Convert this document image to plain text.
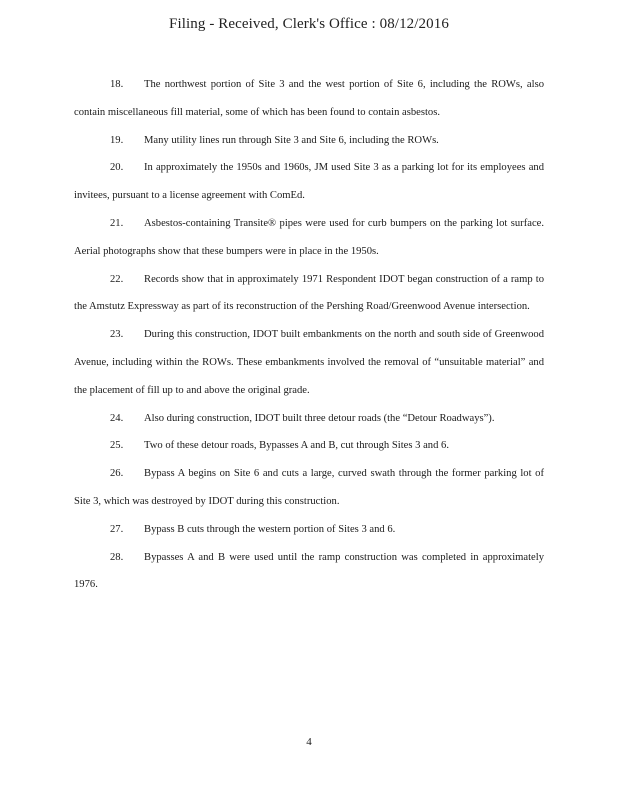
Filing - Received, Clerk's Office : 08/12/2016

18. The northwest portion of Site 3 and the west portion of Site 6, including the ROWs, also contain miscellaneous fill material, some of which has been found to contain asbestos.

19. Many utility lines run through Site 3 and Site 6, including the ROWs.

20. In approximately the 1950s and 1960s, JM used Site 3 as a parking lot for its employees and invitees, pursuant to a license agreement with ComEd.

21. Asbestos-containing Transite® pipes were used for curb bumpers on the parking lot surface. Aerial photographs show that these bumpers were in place in the 1950s.

22. Records show that in approximately 1971 Respondent IDOT began construction of a ramp to the Amstutz Expressway as part of its reconstruction of the Pershing Road/Greenwood Avenue intersection.

23. During this construction, IDOT built embankments on the north and south side of Greenwood Avenue, including within the ROWs. These embankments involved the removal of “unsuitable material” and the placement of fill up to and above the original grade.

24. Also during construction, IDOT built three detour roads (the “Detour Roadways”).

25. Two of these detour roads, Bypasses A and B, cut through Sites 3 and 6.

26. Bypass A begins on Site 6 and cuts a large, curved swath through the former parking lot of Site 3, which was destroyed by IDOT during this construction.

27. Bypass B cuts through the western portion of Sites 3 and 6.

28. Bypasses A and B were used until the ramp construction was completed in approximately 1976.

4
